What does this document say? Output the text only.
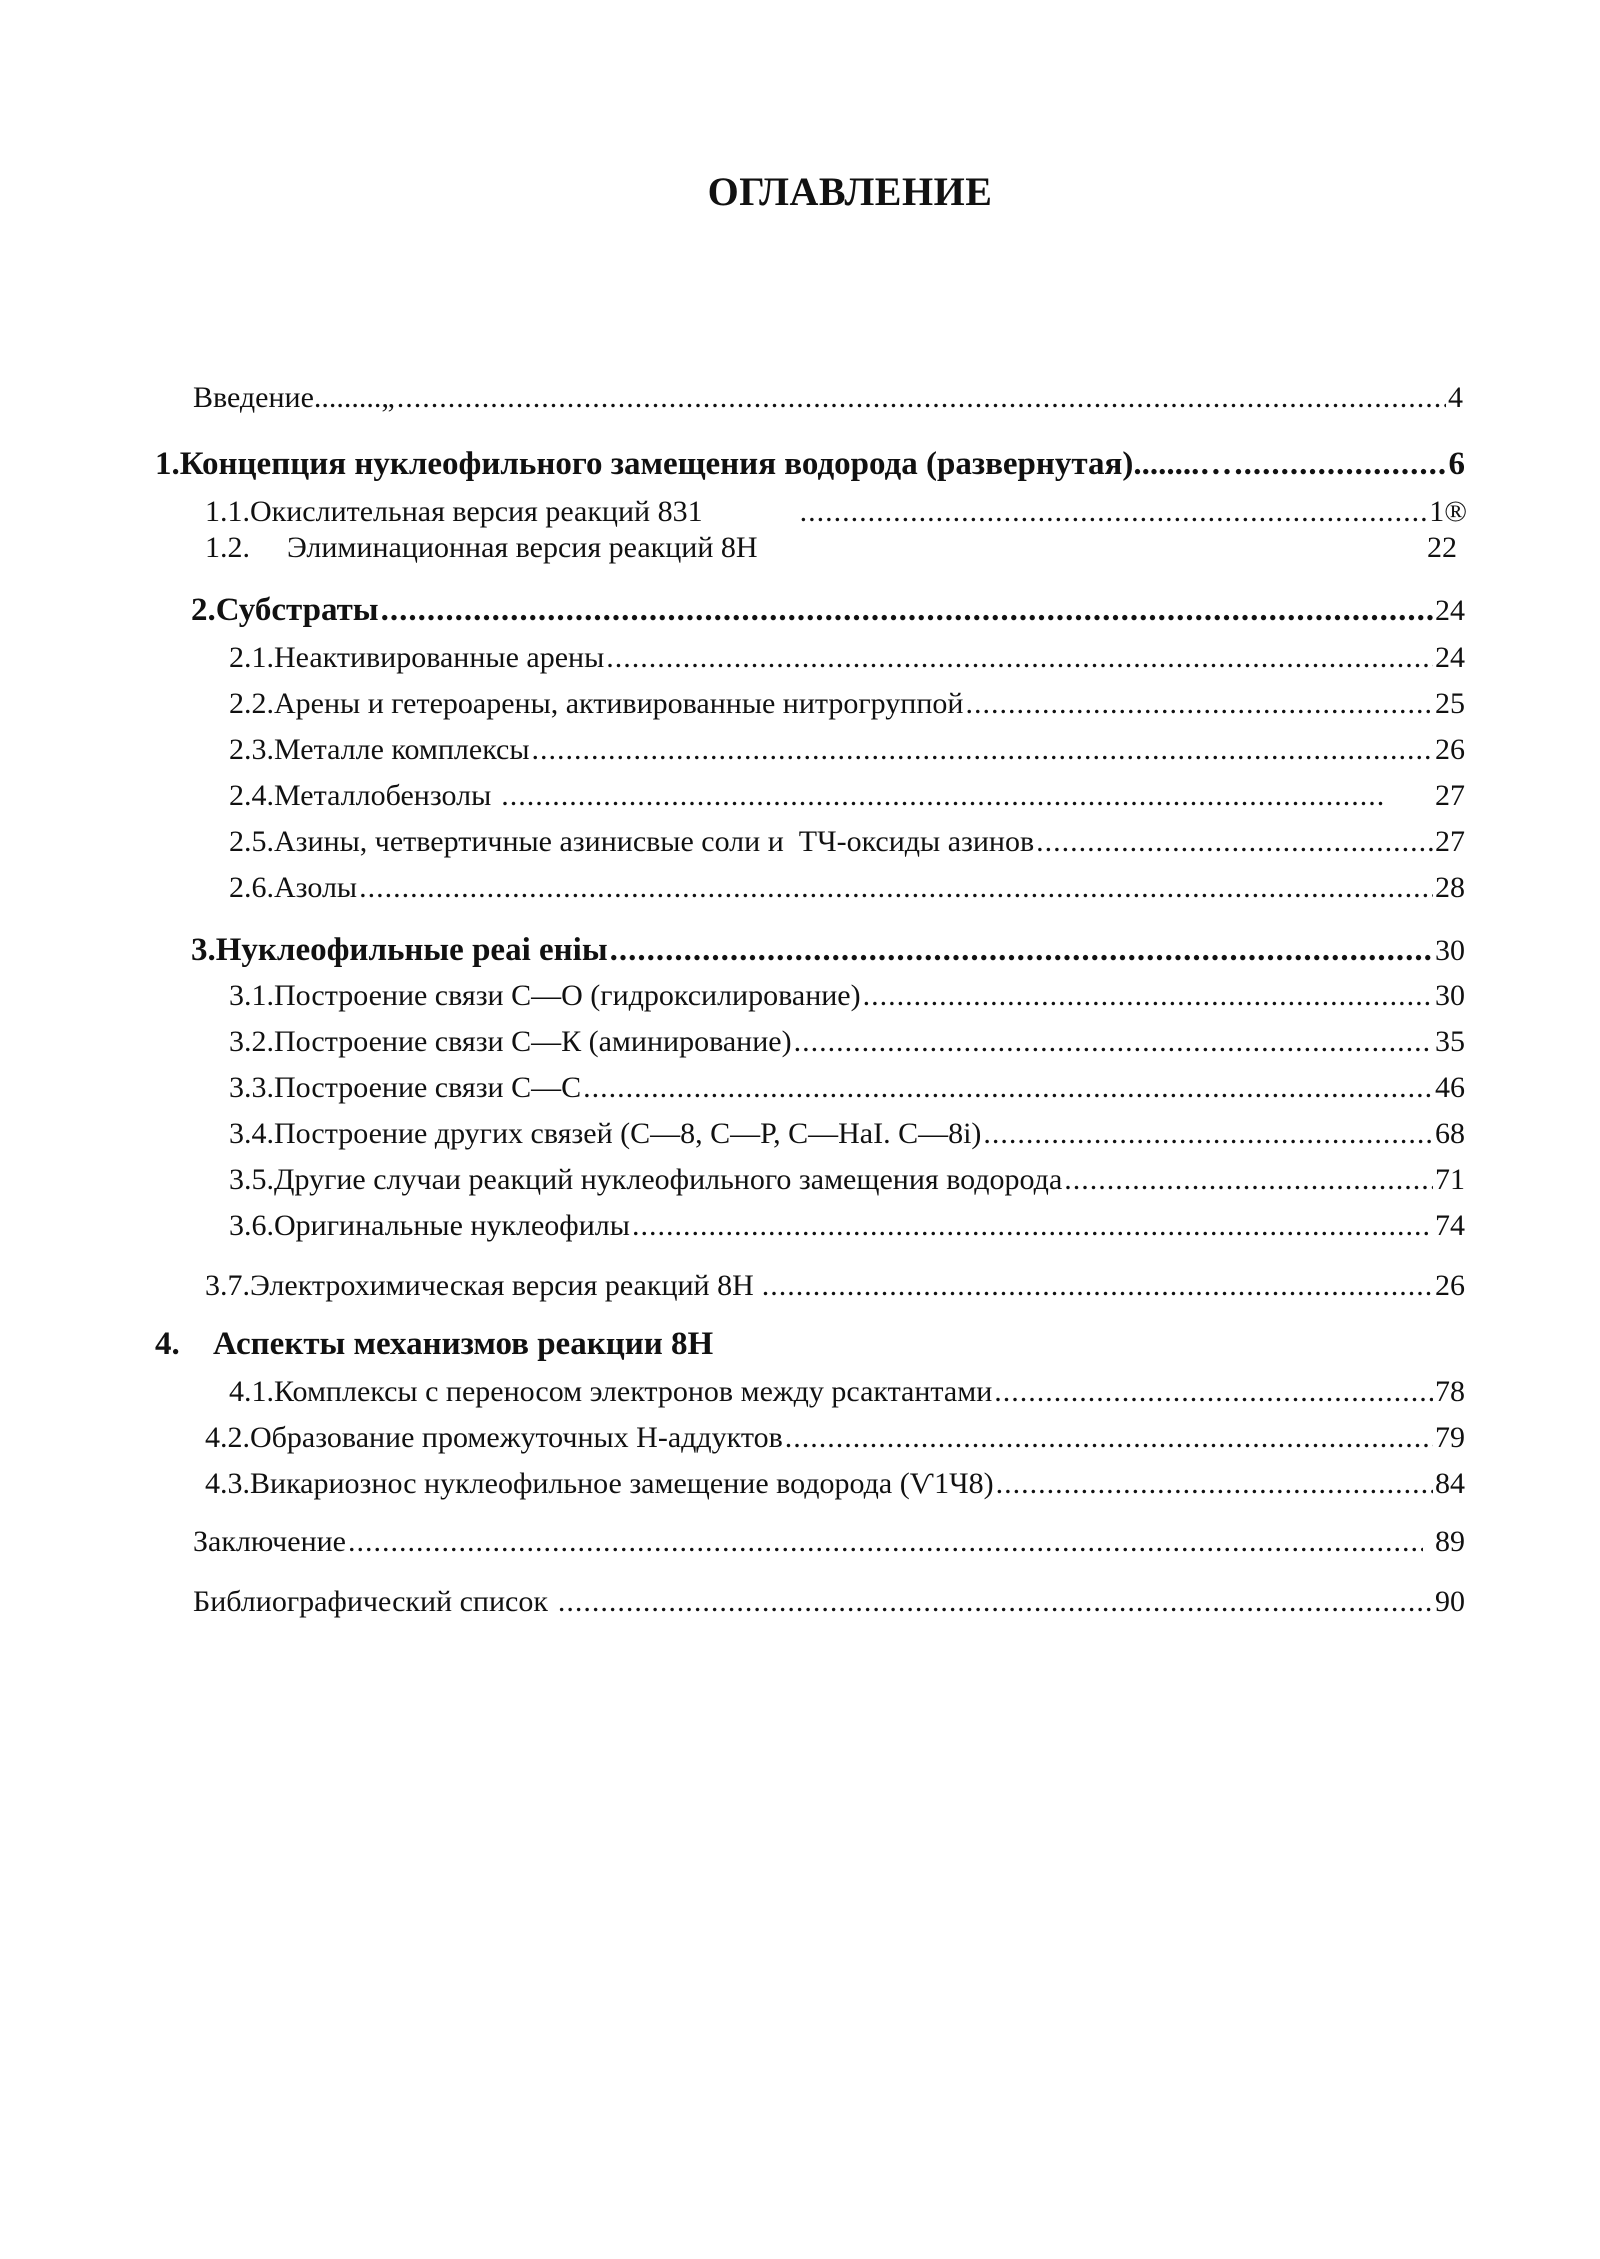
ОГЛАВЛЕНИЕ
Введение.........„ .....	4
1. Концепция нуклеофильного замещения водорода (развернутая)........… .....	6
1.1. Окислительная версия реакций 831 .....	1®
1.2.	Элиминационная версия реакций 8Н	22
2. Субстраты .....	24
2.1. Неактивированные арены .....	24
2.2. Арены и гетероарены, активированные нитрогруппой .....	25
2.3. Металле комплексы .....	26
2.4. Металлобензолы .....	27
2.5. Азины, четвертичные азинисвые соли и  ТЧ-оксиды азинов .....	27
2.6. Азолы .....	28
3. Нуклеофильные реаі еніы .....	30
3.1. Построение связи С—О (гидроксилирование) .....	30
3.2. Построение связи С—К (аминирование) .....	35
3.3. Построение связи С—С .....	46
3.4. Построение других связей (С—8, С—Р, С—НаІ. С—8і) .....	68
3.5. Другие случаи реакций нуклеофильного замещения водорода .....	71
3.6. Оригинальные нуклеофилы .....	74
3.7. Электрохимическая версия реакций 8Н .....	26
4.	Аспекты механизмов реакции 8Н
4.1. Комплексы с переносом электронов между рсактантами .....	78
4.2. Образование промежуточных Н-аддуктов .....	79
4.3. Викариознос нуклеофильное замещение водорода (Ѵ1Ч8) .....	84
Заключение .....	89
Библиографический список .....	90
